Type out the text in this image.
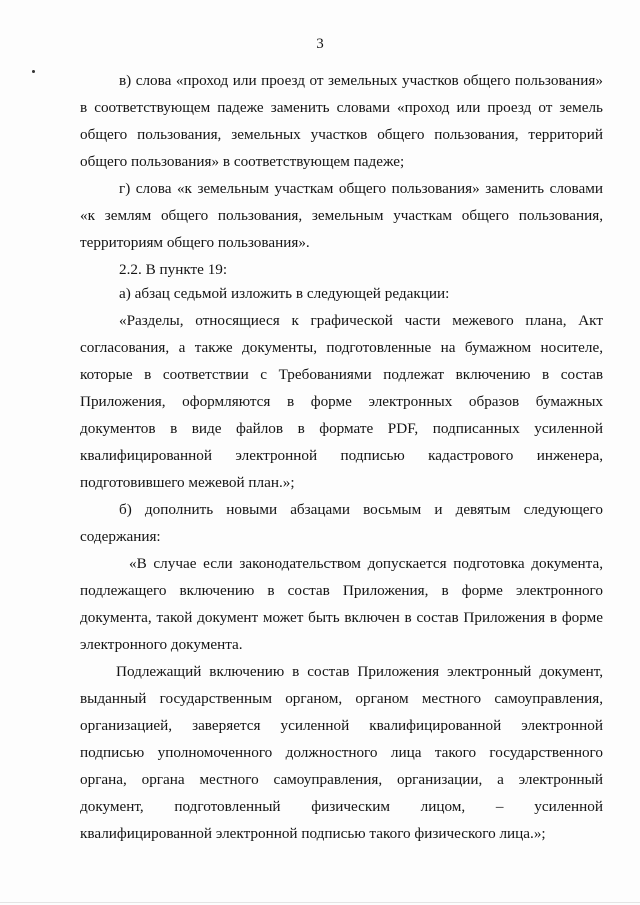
3
в) слова «проход или проезд от земельных участков общего пользования»
в соответствующем падеже заменить словами «проход или проезд от земель
общего пользования, земельных участков общего пользования, территорий
общего пользования» в соответствующем падеже;
г) слова «к земельным участкам общего пользования» заменить словами
«к землям общего пользования, земельным участкам общего пользования,
территориям общего пользования».
2.2. В пункте 19:
а) абзац седьмой изложить в следующей редакции:
«Разделы, относящиеся к графической части межевого плана, Акт
согласования, а также документы, подготовленные на бумажном носителе,
которые в соответствии с Требованиями подлежат включению в состав
Приложения, оформляются в форме электронных образов бумажных
документов в виде файлов в формате PDF, подписанных усиленной
квалифицированной электронной подписью кадастрового инженера,
подготовившего межевой план.»;
б) дополнить новыми абзацами восьмым и девятым следующего
содержания:
«В случае если законодательством допускается подготовка документа,
подлежащего включению в состав Приложения, в форме электронного
документа, такой документ может быть включен в состав Приложения в форме
электронного документа.
Подлежащий включению в состав Приложения электронный документ,
выданный государственным органом, органом местного самоуправления,
организацией, заверяется усиленной квалифицированной электронной
подписью уполномоченного должностного лица такого государственного
органа, органа местного самоуправления, организации, а электронный
документ, подготовленный физическим лицом, – усиленной
квалифицированной электронной подписью такого физического лица.»;
